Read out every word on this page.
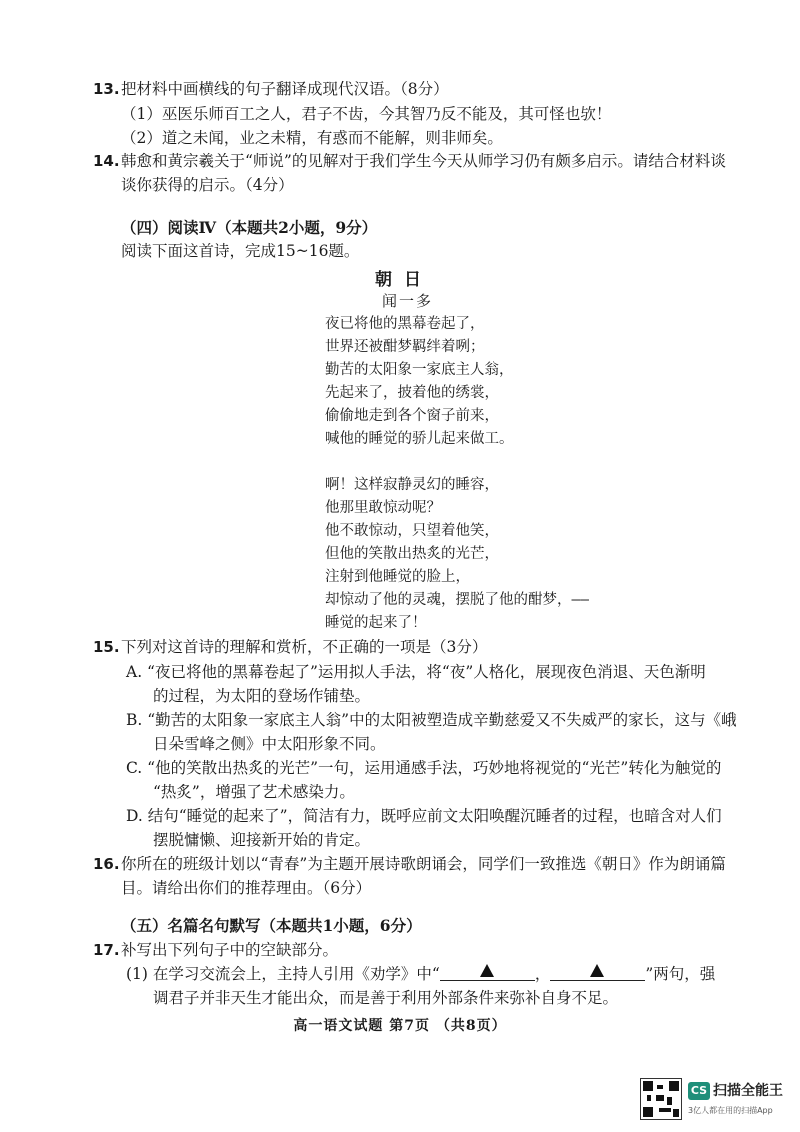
13. 把材料中画横线的句子翻译成现代汉语。（8分）
（1）巫医乐师百工之人，君子不齿，今其智乃反不能及，其可怪也欤！
（2）道之未闻，业之未精，有惑而不能解，则非师矣。
14. 韩愈和黄宗羲关于“师说”的见解对于我们学生今天从师学习仍有颇多启示。请结合材料谈
谈你获得的启示。（4分）
（四）阅读Ⅳ（本题共2小题，9分）
阅读下面这首诗，完成15~16题。
朝日
闻一多
夜已将他的黑幕卷起了，
世界还被酣梦羁绊着咧；
勤苦的太阳象一家底主人翁，
先起来了，披着他的绣裳，
偷偷地走到各个窗子前来，
喊他的睡觉的骄儿起来做工。
啊！这样寂静灵幻的睡容，
他那里敢惊动呢？
他不敢惊动，只望着他笑，
但他的笑散出热炙的光芒，
注射到他睡觉的脸上，
却惊动了他的灵魂，摆脱了他的酣梦，——
睡觉的起来了！
15. 下列对这首诗的理解和赏析，不正确的一项是（3分）
A. “夜已将他的黑幕卷起了”运用拟人手法，将“夜”人格化，展现夜色消退、天色渐明
的过程，为太阳的登场作铺垫。
B. “勤苦的太阳象一家底主人翁”中的太阳被塑造成辛勤慈爱又不失威严的家长，这与《峨
日朵雪峰之侧》中太阳形象不同。
C. “他的笑散出热炙的光芒”一句，运用通感手法，巧妙地将视觉的“光芒”转化为触觉的
“热炙”，增强了艺术感染力。
D. 结句“睡觉的起来了”，简洁有力，既呼应前文太阳唤醒沉睡者的过程，也暗含对人们
摆脱慵懒、迎接新开始的肯定。
16. 你所在的班级计划以“青春”为主题开展诗歌朗诵会，同学们一致推选《朝日》作为朗诵篇
目。请给出你们的推荐理由。（6分）
（五）名篇名句默写（本题共1小题，6分）
17. 补写出下列句子中的空缺部分。
(1) 在学习交流会上，主持人引用《劝学》中“	，	”两句，强
调君子并非天生才能出众，而是善于利用外部条件来弥补自身不足。
高一语文试题 第7页 （共8页）
CS 扫描全能王
3亿人都在用的扫描App
